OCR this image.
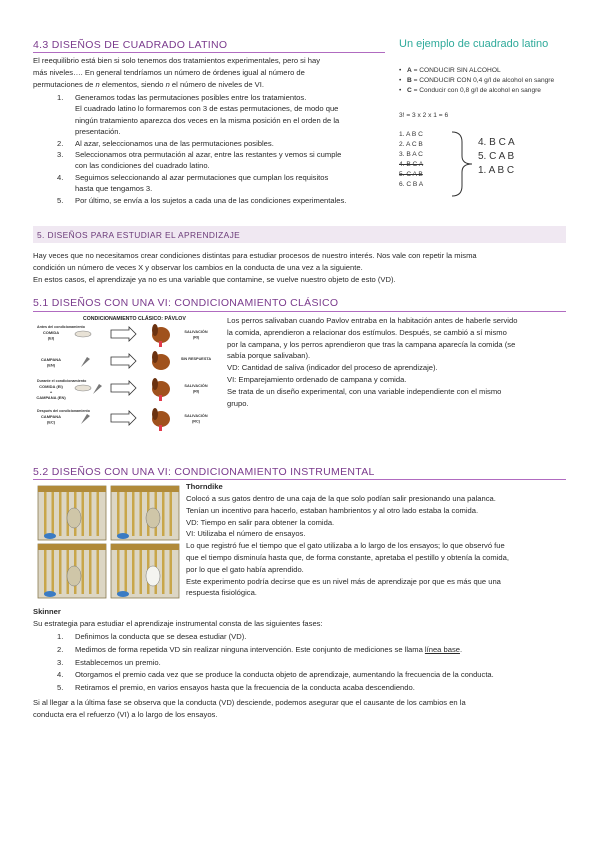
4.3 DISEÑOS DE CUADRADO LATINO
El reequilibrio está bien si solo tenemos dos tratamientos experimentales, pero si hay
más niveles…. En general tendríamos un número de órdenes igual al número de
permutaciones de n elementos, siendo n el número de niveles de VI.
1. Generamos todas las permutaciones posibles entre los tratamientos.
El cuadrado latino lo formaremos con 3 de estas permutaciones, de modo que
ningún tratamiento aparezca dos veces en la misma posición en el orden de la
presentación.
2. Al azar, seleccionamos una de las permutaciones posibles.
3. Seleccionamos otra permutación al azar, entre las restantes y vemos si cumple
con las condiciones del cuadrado latino.
4. Seguimos seleccionando al azar permutaciones que cumplan los requisitos
hasta que tengamos 3.
5. Por último, se envía a los sujetos a cada una de las condiciones experimentales.
Un ejemplo de cuadrado latino
• A = CONDUCIR SIN ALCOHOL
• B = CONDUCIR CON 0,4 g/l de alcohol en sangre
• C = Conducir con 0,8 g/l de alcohol en sangre
3! = 3 x 2 x 1 = 6
1. A B C
2. A C B
3. B A C
4. B C A
5. C A B
6. C B A
4. B C A
5. C A B
1. A B C
5. DISEÑOS PARA ESTUDIAR EL APRENDIZAJE
Hay veces que no necesitamos crear condiciones distintas para estudiar procesos de nuestro interés. Nos vale con repetir la misma
condición un número de veces X y observar los cambios en la conducta de una vez a la siguiente.
En estos casos, el aprendizaje ya no es una variable que contamine, se vuelve nuestro objeto de esto (VD).
5.1 DISEÑOS CON UNA VI: CONDICIONAMIENTO CLÁSICO
CONDICIONAMIENTO CLÁSICO: PÁVLOV
Antes del condicionamiento
COMIDA (EI)
SALIVACIÓN (RI)
CAMPANA (EN)
SIN RESPUESTA
Durante el condicionamiento
COMIDA (EI) + CAMPANA (EN)
SALIVACIÓN (RI)
Después del condicionamiento
CAMPANA (EC)
SALIVACIÓN (RC)
Los perros salivaban cuando Pavlov entraba en la habitación antes de haberle servido
la comida, aprendieron a relacionar dos estímulos. Después, se cambió a sí mismo
por la campana, y los perros aprendieron que tras la campana aparecía la comida (se
sabía porque salivaban).
VD: Cantidad de saliva (indicador del proceso de aprendizaje).
VI: Emparejamiento ordenado de campana y comida.
Se trata de un diseño experimental, con una variable independiente con el mismo
grupo.
5.2 DISEÑOS CON UNA VI: CONDICIONAMIENTO INSTRUMENTAL
Thorndike
Colocó a sus gatos dentro de una caja de la que solo podían salir presionando una palanca.
Tenían un incentivo para hacerlo, estaban hambrientos y al otro lado estaba la comida.
VD: Tiempo en salir para obtener la comida.
VI: Utilizaba el número de ensayos.
Lo que registró fue el tiempo que el gato utilizaba a lo largo de los ensayos; lo que observó fue
que el tiempo disminuía hasta que, de forma constante, apretaba el pestillo y obtenía la comida,
por lo que el gato había aprendido.
Este experimento podría decirse que es un nivel más de aprendizaje por que es más que una
respuesta fisiológica.
Skinner
Su estrategia para estudiar el aprendizaje instrumental consta de las siguientes fases:
1. Definimos la conducta que se desea estudiar (VD).
2. Medimos de forma repetida VD sin realizar ninguna intervención. Este conjunto de mediciones se llama línea base.
3. Establecemos un premio.
4. Otorgamos el premio cada vez que se produce la conducta objeto de aprendizaje, aumentando la frecuencia de la conducta.
5. Retiramos el premio, en varios ensayos hasta que la frecuencia de la conducta acaba descendiendo.
Si al llegar a la última fase se observa que la conducta (VD) desciende, podemos asegurar que el causante de los cambios en la
conducta era el refuerzo (VI) a lo largo de los ensayos.
